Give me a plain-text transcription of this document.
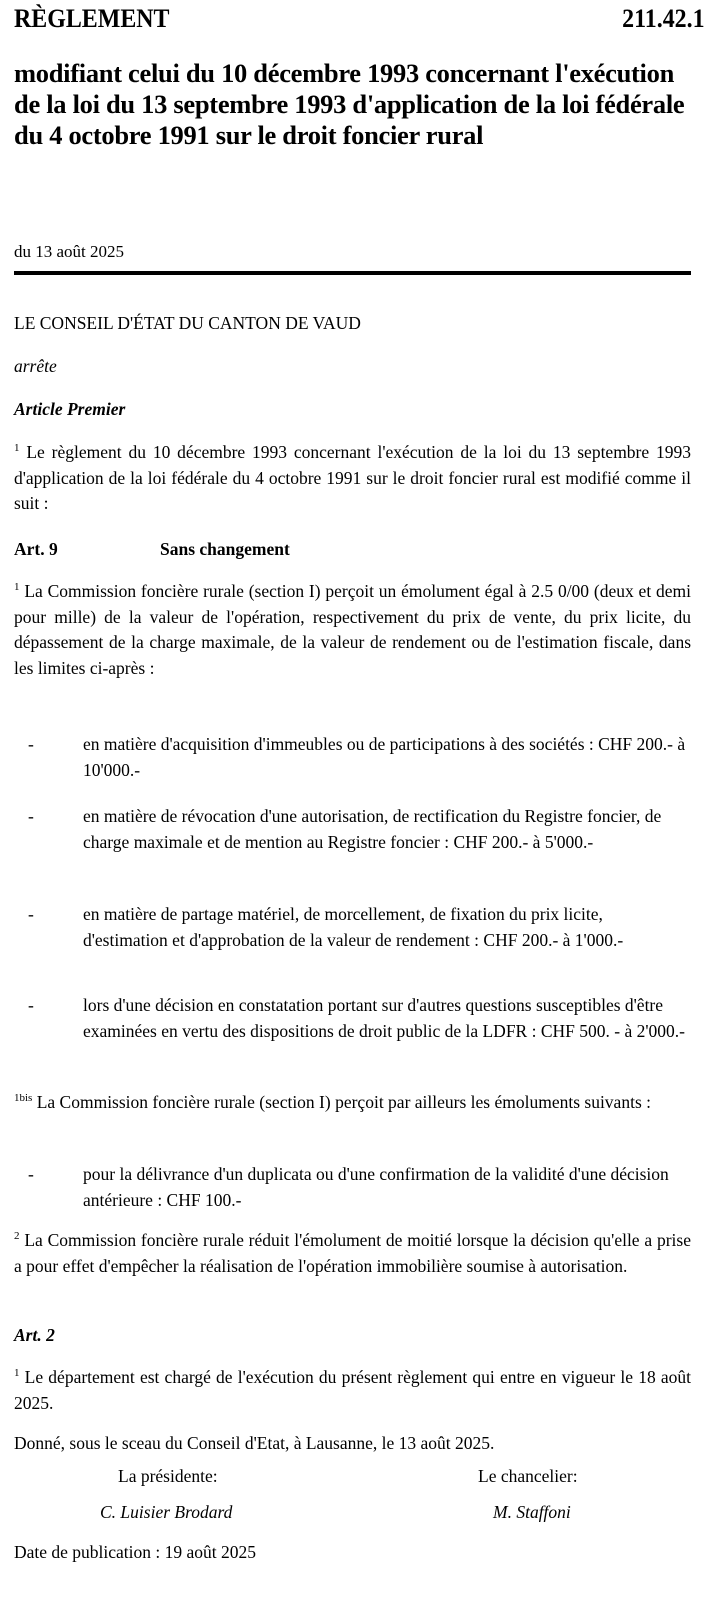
RÈGLEMENT	211.42.1
modifiant celui du 10 décembre 1993 concernant l'exécution de la loi du 13 septembre 1993 d'application de la loi fédérale du 4 octobre 1991 sur le droit foncier rural
du 13 août 2025
LE CONSEIL D'ÉTAT DU CANTON DE VAUD
arrête
Article Premier
$^1$ Le règlement du 10 décembre 1993 concernant l'exécution de la loi du 13 septembre 1993 d'application de la loi fédérale du 4 octobre 1991 sur le droit foncier rural est modifié comme il suit :
Art. 9	Sans changement
$^1$ La Commission foncière rurale (section I) perçoit un émolument égal à 2.5 0/00 (deux et demi pour mille) de la valeur de l'opération, respectivement du prix de vente, du prix licite, du dépassement de la charge maximale, de la valeur de rendement ou de l'estimation fiscale, dans les limites ci-après :
-	en matière d'acquisition d'immeubles ou de participations à des sociétés : CHF 200.- à 10'000.-
-	en matière de révocation d'une autorisation, de rectification du Registre foncier, de charge maximale et de mention au Registre foncier : CHF 200.- à 5'000.-
-	en matière de partage matériel, de morcellement, de fixation du prix licite, d'estimation et d'approbation de la valeur de rendement : CHF 200.- à 1'000.-
-	lors d'une décision en constatation portant sur d'autres questions susceptibles d'être examinées en vertu des dispositions de droit public de la LDFR : CHF 500. - à 2'000.-
$^{1bis}$ La Commission foncière rurale (section I) perçoit par ailleurs les émoluments suivants :
-	pour la délivrance d'un duplicata ou d'une confirmation de la validité d'une décision antérieure : CHF 100.-
$^2$ La Commission foncière rurale réduit l'émolument de moitié lorsque la décision qu'elle a prise a pour effet d'empêcher la réalisation de l'opération immobilière soumise à autorisation.
Art. 2
$^1$ Le département est chargé de l'exécution du présent règlement qui entre en vigueur le 18 août 2025.
Donné, sous le sceau du Conseil d'Etat, à Lausanne, le 13 août 2025.
La présidente:	Le chancelier:
C. Luisier Brodard	M. Staffoni
Date de publication : 19 août 2025
